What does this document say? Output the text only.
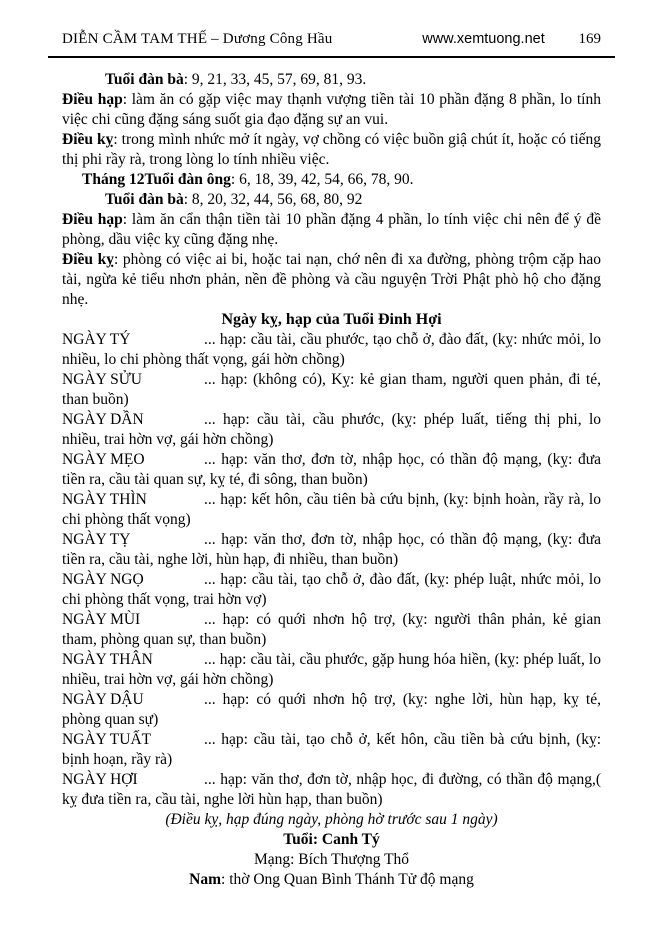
DIỄN CẦM TAM THẾ – Dương Công Hầu	www.xemtuong.net 169

Tuổi đàn bà: 9, 21, 33, 45, 57, 69, 81, 93.

Điều hạp: làm ăn có gặp việc may thạnh vượng tiền tài 10 phần đặng 8 phần, lo tính việc chi cũng đặng sáng suốt gia đạo đặng sự an vui.

Điều kỵ: trong mình nhức mở ít ngày, vợ chồng có việc buồn giậ chút ít, hoặc có tiếng thị phi rầy rà, trong lòng lo tính nhiều việc.

Tháng 12Tuổi đàn ông: 6, 18, 39, 42, 54, 66, 78, 90.

Tuổi đàn bà: 8, 20, 32, 44, 56, 68, 80, 92

Điều hạp: làm ăn cẩn thận tiền tài 10 phần đặng 4 phần, lo tính việc chi nên để ý đề phòng, dầu việc kỵ cũng đặng nhẹ.

Điều kỵ: phòng có việc ai bi, hoặc tai nạn, chớ nên đi xa đường, phòng trộm cặp hao tài, ngừa kẻ tiểu nhơn phản, nền đề phòng và cầu nguyện Trời Phật phò hộ cho đặng nhẹ.

Ngày kỵ, hạp của Tuổi Đinh Hợi

NGÀY TÝ	... hạp: cầu tài, cầu phước, tạo chỗ ở, đào đất, (kỵ: nhức mỏi, lo nhiều, lo chi phòng thất vọng, gái hờn chồng)

NGÀY SỬU	... hạp: (không có), Kỵ: kẻ gian tham, người quen phản, đi té, than buồn)

NGÀY DẦN	... hạp: cầu tài, cầu phước, (kỵ: phép luất, tiếng thị phi, lo nhiều, trai hờn vợ, gái hờn chồng)

NGÀY MẸO	... hạp: văn thơ, đơn tờ, nhập học, có thần độ mạng, (kỵ: đưa tiền ra, cầu tài quan sự, kỵ té, đi sông, than buồn)

NGÀY THÌN	... hạp: kết hôn, cầu tiên bà cứu bịnh, (kỵ: bịnh hoàn, rầy rà, lo chi phòng thất vọng)

NGÀY TỴ	... hạp: văn thơ, đơn tờ, nhập học, có thần độ mạng, (kỵ: đưa tiền ra, cầu tài, nghe lời, hùn hạp, đi nhiều, than buồn)

NGÀY NGỌ	... hạp: cầu tài, tạo chỗ ở, đào đất, (kỵ: phép luật, nhức mỏi, lo chi phòng thất vọng, trai hờn vợ)

NGÀY MÙI	... hạp: có quới nhơn hộ trợ, (kỵ: người thân phản, kẻ gian tham, phòng quan sự, than buồn)

NGÀY THÂN	... hạp: cầu tài, cầu phước, gặp hung hóa hiền, (kỵ: phép luất, lo nhiều, trai hờn vợ, gái hờn chồng)

NGÀY DẬU	... hạp: có quới nhơn hộ trợ, (kỵ: nghe lời, hùn hạp, kỵ té, phòng quan sự)

NGÀY TUẤT	... hạp: cầu tài, tạo chỗ ở, kết hôn, cầu tiền bà cứu bịnh, (kỵ: bịnh hoạn, rầy rà)

NGÀY HỢI	... hạp: văn thơ, đơn tờ, nhập học, đi đường, có thần độ mạng,( kỵ đưa tiền ra, cầu tài, nghe lời hùn hạp, than buồn)

(Điều kỵ, hạp đúng ngày, phòng hờ trước sau 1 ngày)

Tuổi: Canh Tý

Mạng: Bích Thượng Thổ

Nam: thờ Ong Quan Bình Thánh Tử độ mạng
